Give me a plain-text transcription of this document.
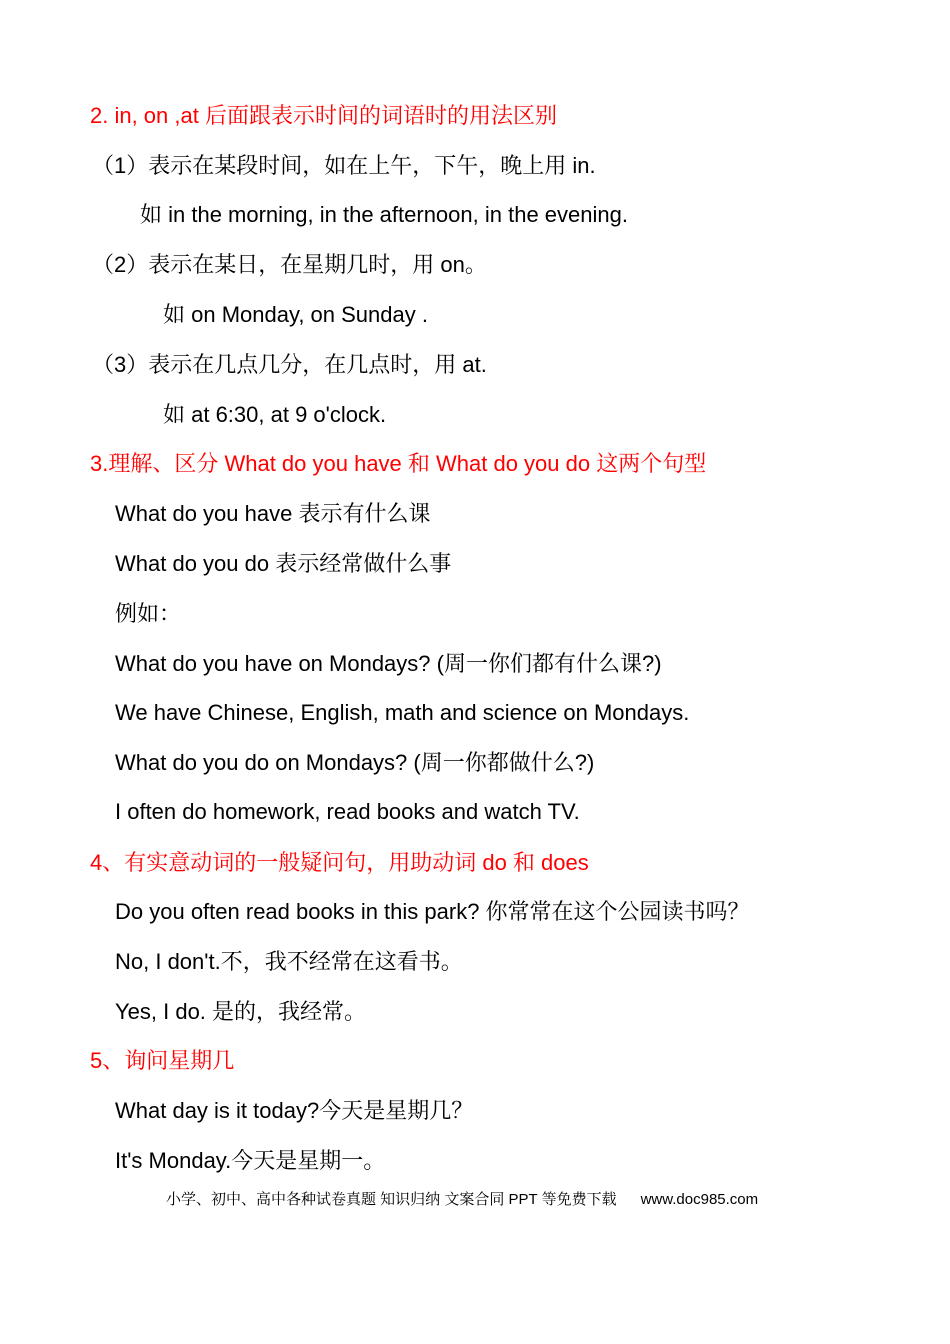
2. in, on ,at 后面跟表示时间的词语时的用法区别
（1）表示在某段时间，如在上午，下午，晚上用 in.
如 in the morning, in the afternoon, in the evening.
（2）表示在某日，在星期几时，用 on。
如 on Monday, on Sunday .
（3）表示在几点几分，在几点时，用 at.
如 at 6:30, at 9 o'clock.
3.理解、区分 What do you have 和 What do you do 这两个句型
What do you have 表示有什么课
What do you do 表示经常做什么事
例如：
What do you have on Mondays? (周一你们都有什么课?)
We have Chinese, English, math and science on Mondays.
What do you do on Mondays? (周一你都做什么?)
I often do homework, read books and watch TV.
4、有实意动词的一般疑问句，用助动词 do 和 does
Do you often read books in this park? 你常常在这个公园读书吗？
No, I don't.不，我不经常在这看书。
Yes, I do. 是的，我经常。
5、询问星期几
What day is it today?今天是星期几？
It's Monday.今天是星期一。
小学、初中、高中各种试卷真题 知识归纳 文案合同 PPT 等免费下载 www.doc985.com
